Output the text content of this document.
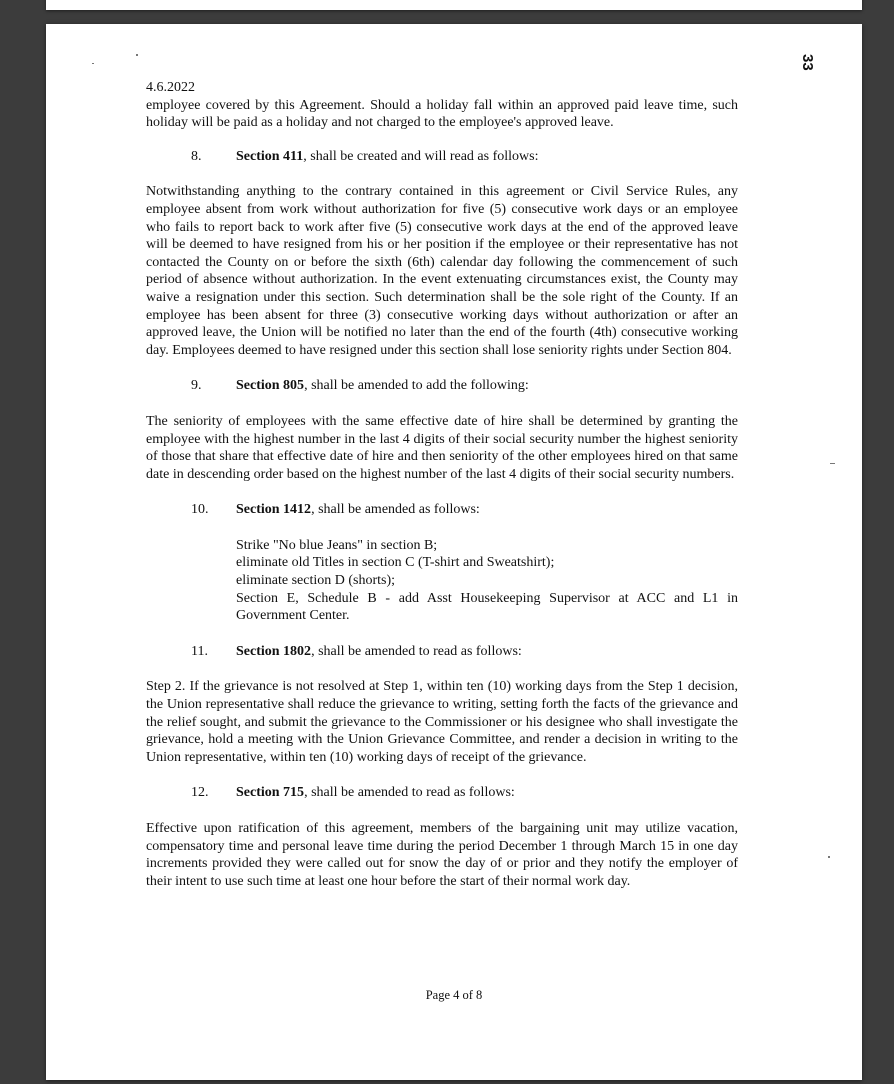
33

4.6.2022

employee covered by this Agreement. Should a holiday fall within an approved paid leave time, such holiday will be paid as a holiday and not charged to the employee's approved leave.

8.	Section 411, shall be created and will read as follows:

Notwithstanding anything to the contrary contained in this agreement or Civil Service Rules, any employee absent from work without authorization for five (5) consecutive work days or an employee who fails to report back to work after five (5) consecutive work days at the end of the approved leave will be deemed to have resigned from his or her position if the employee or their representative has not contacted the County on or before the sixth (6th) calendar day following the commencement of such period of absence without authorization. In the event extenuating circumstances exist, the County may waive a resignation under this section. Such determination shall be the sole right of the County. If an employee has been absent for three (3) consecutive working days without authorization or after an approved leave, the Union will be notified no later than the end of the fourth (4th) consecutive working day. Employees deemed to have resigned under this section shall lose seniority rights under Section 804.

9.	Section 805, shall be amended to add the following:

The seniority of employees with the same effective date of hire shall be determined by granting the employee with the highest number in the last 4 digits of their social security number the highest seniority of those that share that effective date of hire and then seniority of the other employees hired on that same date in descending order based on the highest number of the last 4 digits of their social security numbers.

10.	Section 1412, shall be amended as follows:
Strike "No blue Jeans" in section B;
eliminate old Titles in section C (T-shirt and Sweatshirt);
eliminate section D (shorts);
Section E, Schedule B - add Asst Housekeeping Supervisor at ACC and L1 in Government Center.
11.	Section 1802, shall be amended to read as follows:

Step 2. If the grievance is not resolved at Step 1, within ten (10) working days from the Step 1 decision, the Union representative shall reduce the grievance to writing, setting forth the facts of the grievance and the relief sought, and submit the grievance to the Commissioner or his designee who shall investigate the grievance, hold a meeting with the Union Grievance Committee, and render a decision in writing to the Union representative, within ten (10) working days of receipt of the grievance.

12.	Section 715, shall be amended to read as follows:

Effective upon ratification of this agreement, members of the bargaining unit may utilize vacation, compensatory time and personal leave time during the period December 1 through March 15 in one day increments provided they were called out for snow the day of or prior and they notify the employer of their intent to use such time at least one hour before the start of their normal work day.

Page 4 of 8
